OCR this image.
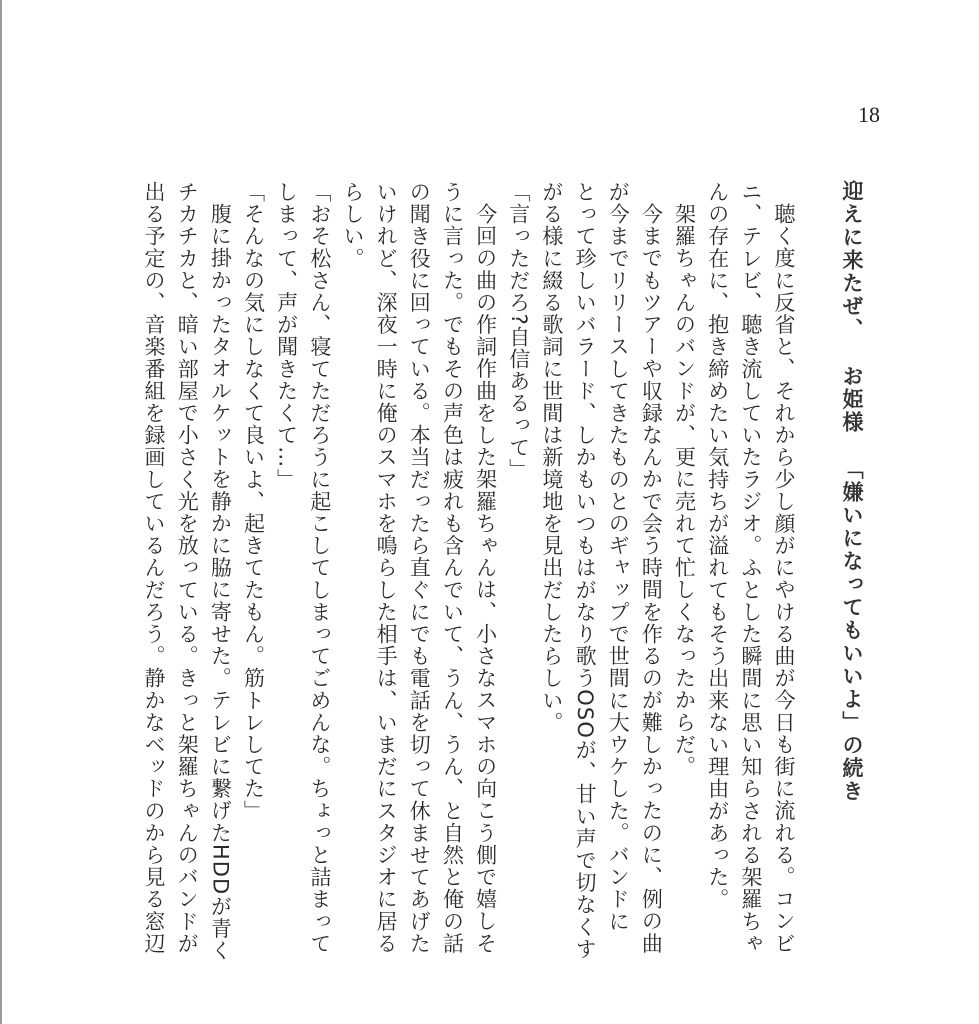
18
迎えに来たぜ、お姫様「嫌いになってもいいよ」の続き
聴く度に反省と、それから少し顔がにやける曲が今日も街に流れる。コンビ
ニ、テレビ、聴き流していたラジオ。ふとした瞬間に思い知らされる架羅ちゃ
んの存在に、抱き締めたい気持ちが溢れてもそう出来ない理由があった。
架羅ちゃんのバンドが、更に売れて忙しくなったからだ。
今までもツアーや収録なんかで会う時間を作るのが難しかったのに、例の曲
が今までリリースしてきたものとのギャップで世間に大ウケした。バンドに
とって珍しいバラード、しかもいつもはがなり歌うOSOが、甘い声で切なくす
がる様に綴る歌詞に世間は新境地を見出だしたらしい。
「言っただろ?自信あるって」
今回の曲の作詞作曲をした架羅ちゃんは、小さなスマホの向こう側で嬉しそ
うに言った。でもその声色は疲れも含んでいて、うん、うん、と自然と俺の話
の聞き役に回っている。本当だったら直ぐにでも電話を切って休ませてあげた
いけれど、深夜一時に俺のスマホを鳴らした相手は、いまだにスタジオに居る
らしい。
「おそ松さん、寝てただろうに起こしてしまってごめんな。ちょっと詰まって
しまって、声が聞きたくて…」
「そんなの気にしなくて良いよ、起きてたもん。筋トレしてた」
腹に掛かったタオルケットを静かに脇に寄せた。テレビに繋げたHDDが青く
チカチカと、暗い部屋で小さく光を放っている。きっと架羅ちゃんのバンドが
出る予定の、音楽番組を録画しているんだろう。静かなベッドのから見る窓辺
